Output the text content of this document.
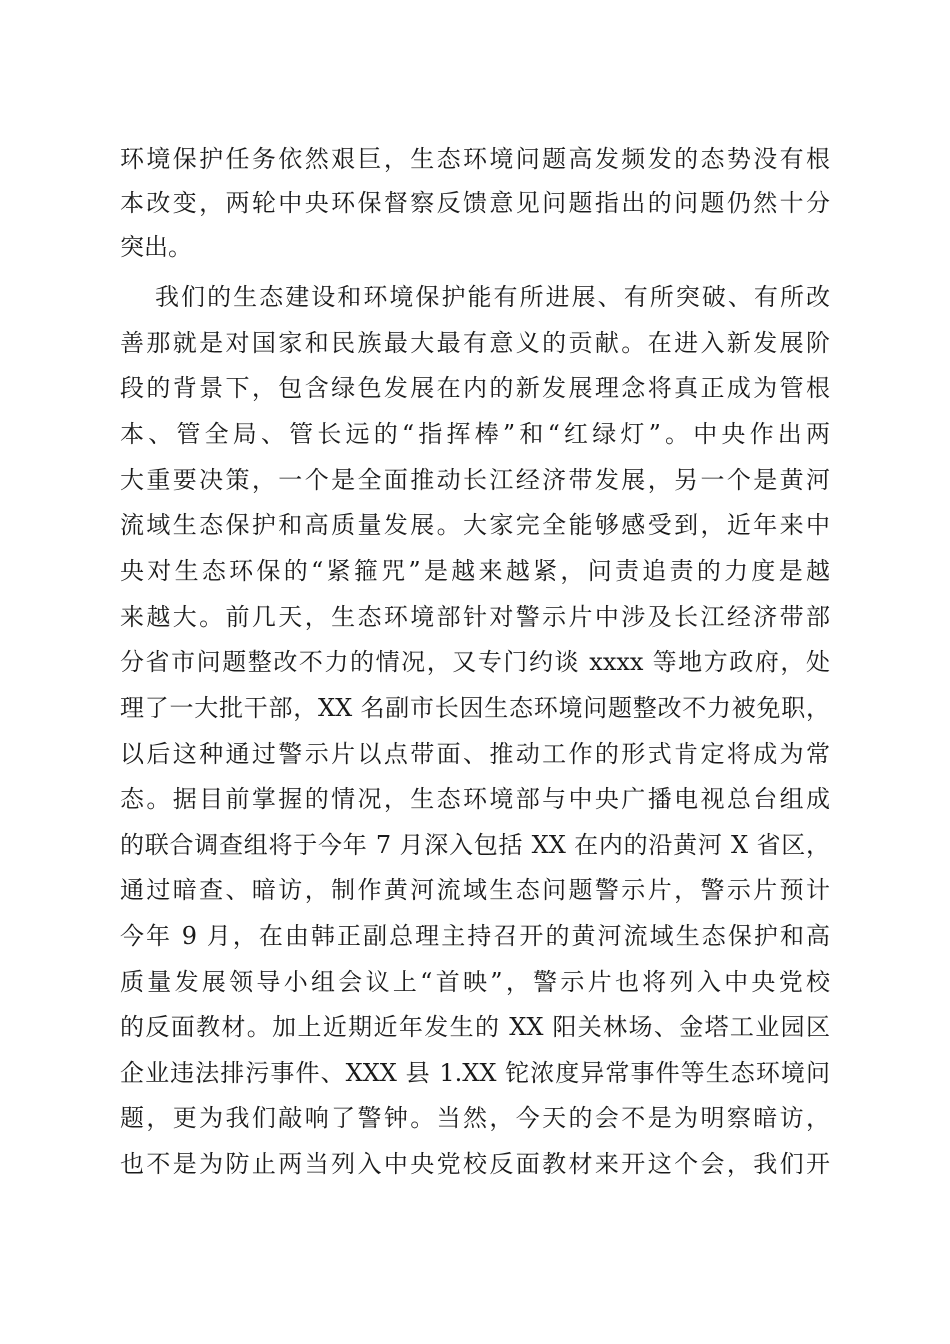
环境保护任务依然艰巨，生态环境问题高发频发的态势没有根
本改变，两轮中央环保督察反馈意见问题指出的问题仍然十分
突出。
我们的生态建设和环境保护能有所进展、有所突破、有所改
善那就是对国家和民族最大最有意义的贡献。在进入新发展阶
段的背景下，包含绿色发展在内的新发展理念将真正成为管根
本、管全局、管长远的“指挥棒”和“红绿灯”。中央作出两
大重要决策，一个是全面推动长江经济带发展，另一个是黄河
流域生态保护和高质量发展。大家完全能够感受到，近年来中
央对生态环保的“紧箍咒”是越来越紧，问责追责的力度是越
来越大。前几天，生态环境部针对警示片中涉及长江经济带部
分省市问题整改不力的情况，又专门约谈 xxxx 等地方政府，处
理了一大批干部，XX 名副市长因生态环境问题整改不力被免职，
以后这种通过警示片以点带面、推动工作的形式肯定将成为常
态。据目前掌握的情况，生态环境部与中央广播电视总台组成
的联合调查组将于今年 7 月深入包括 XX 在内的沿黄河 X 省区，
通过暗查、暗访，制作黄河流域生态问题警示片，警示片预计
今年 9 月，在由韩正副总理主持召开的黄河流域生态保护和高
质量发展领导小组会议上“首映”，警示片也将列入中央党校
的反面教材。加上近期近年发生的 XX 阳关林场、金塔工业园区
企业违法排污事件、XXX 县 1.XX 铊浓度异常事件等生态环境问
题，更为我们敲响了警钟。当然，今天的会不是为明察暗访，
也不是为防止两当列入中央党校反面教材来开这个会，我们开
